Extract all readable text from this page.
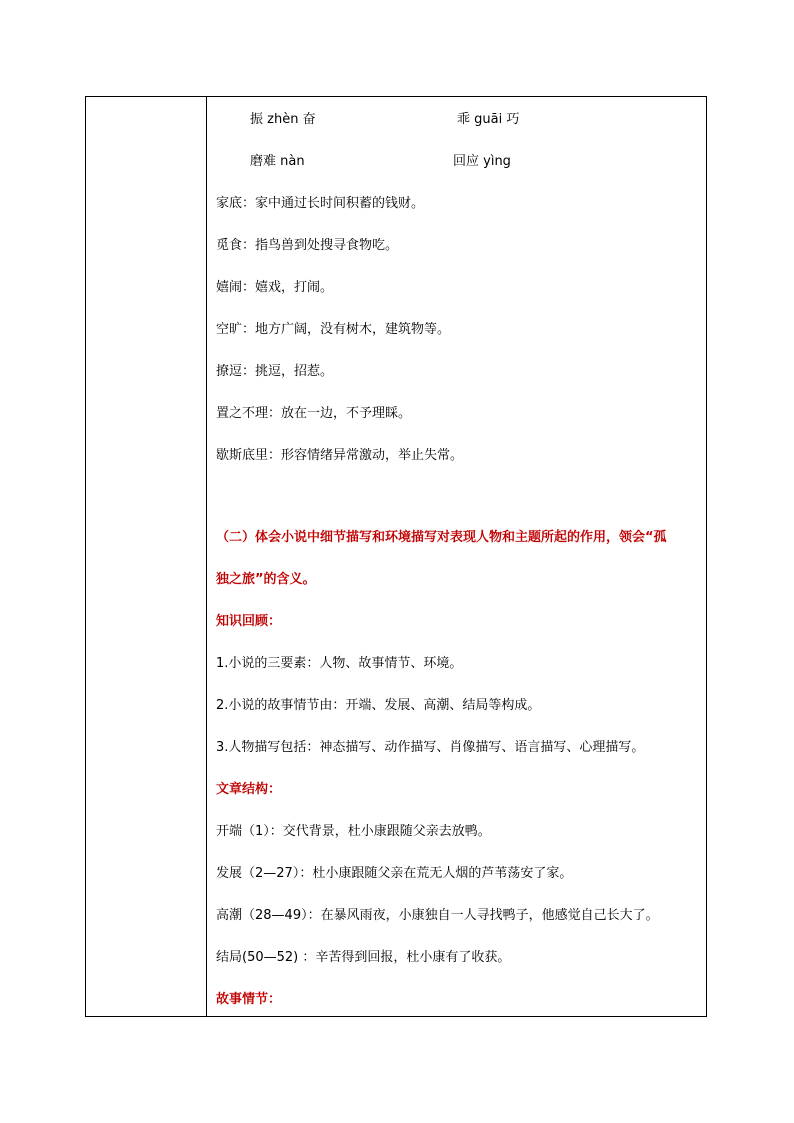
振 zhèn 奋	乖 guāi 巧
磨难 nàn	回应 yìng
家底：家中通过长时间积蓄的钱财。
觅食：指鸟兽到处搜寻食物吃。
嬉闹：嬉戏，打闹。
空旷：地方广阔，没有树木，建筑物等。
撩逗：挑逗，招惹。
置之不理：放在一边，不予理睬。
歇斯底里：形容情绪异常激动，举止失常。
（二）体会小说中细节描写和环境描写对表现人物和主题所起的作用，领会“孤
独之旅”的含义。
知识回顾：
1.小说的三要素：人物、故事情节、环境。
2.小说的故事情节由：开端、发展、高潮、结局等构成。
3.人物描写包括：神态描写、动作描写、肖像描写、语言描写、心理描写。
文章结构：
开端（1）：交代背景，杜小康跟随父亲去放鸭。
发展（2—27）：杜小康跟随父亲在荒无人烟的芦苇荡安了家。
高潮（28—49）：在暴风雨夜，小康独自一人寻找鸭子，他感觉自己长大了。
结局(50—52) ：辛苦得到回报，杜小康有了收获。
故事情节：
